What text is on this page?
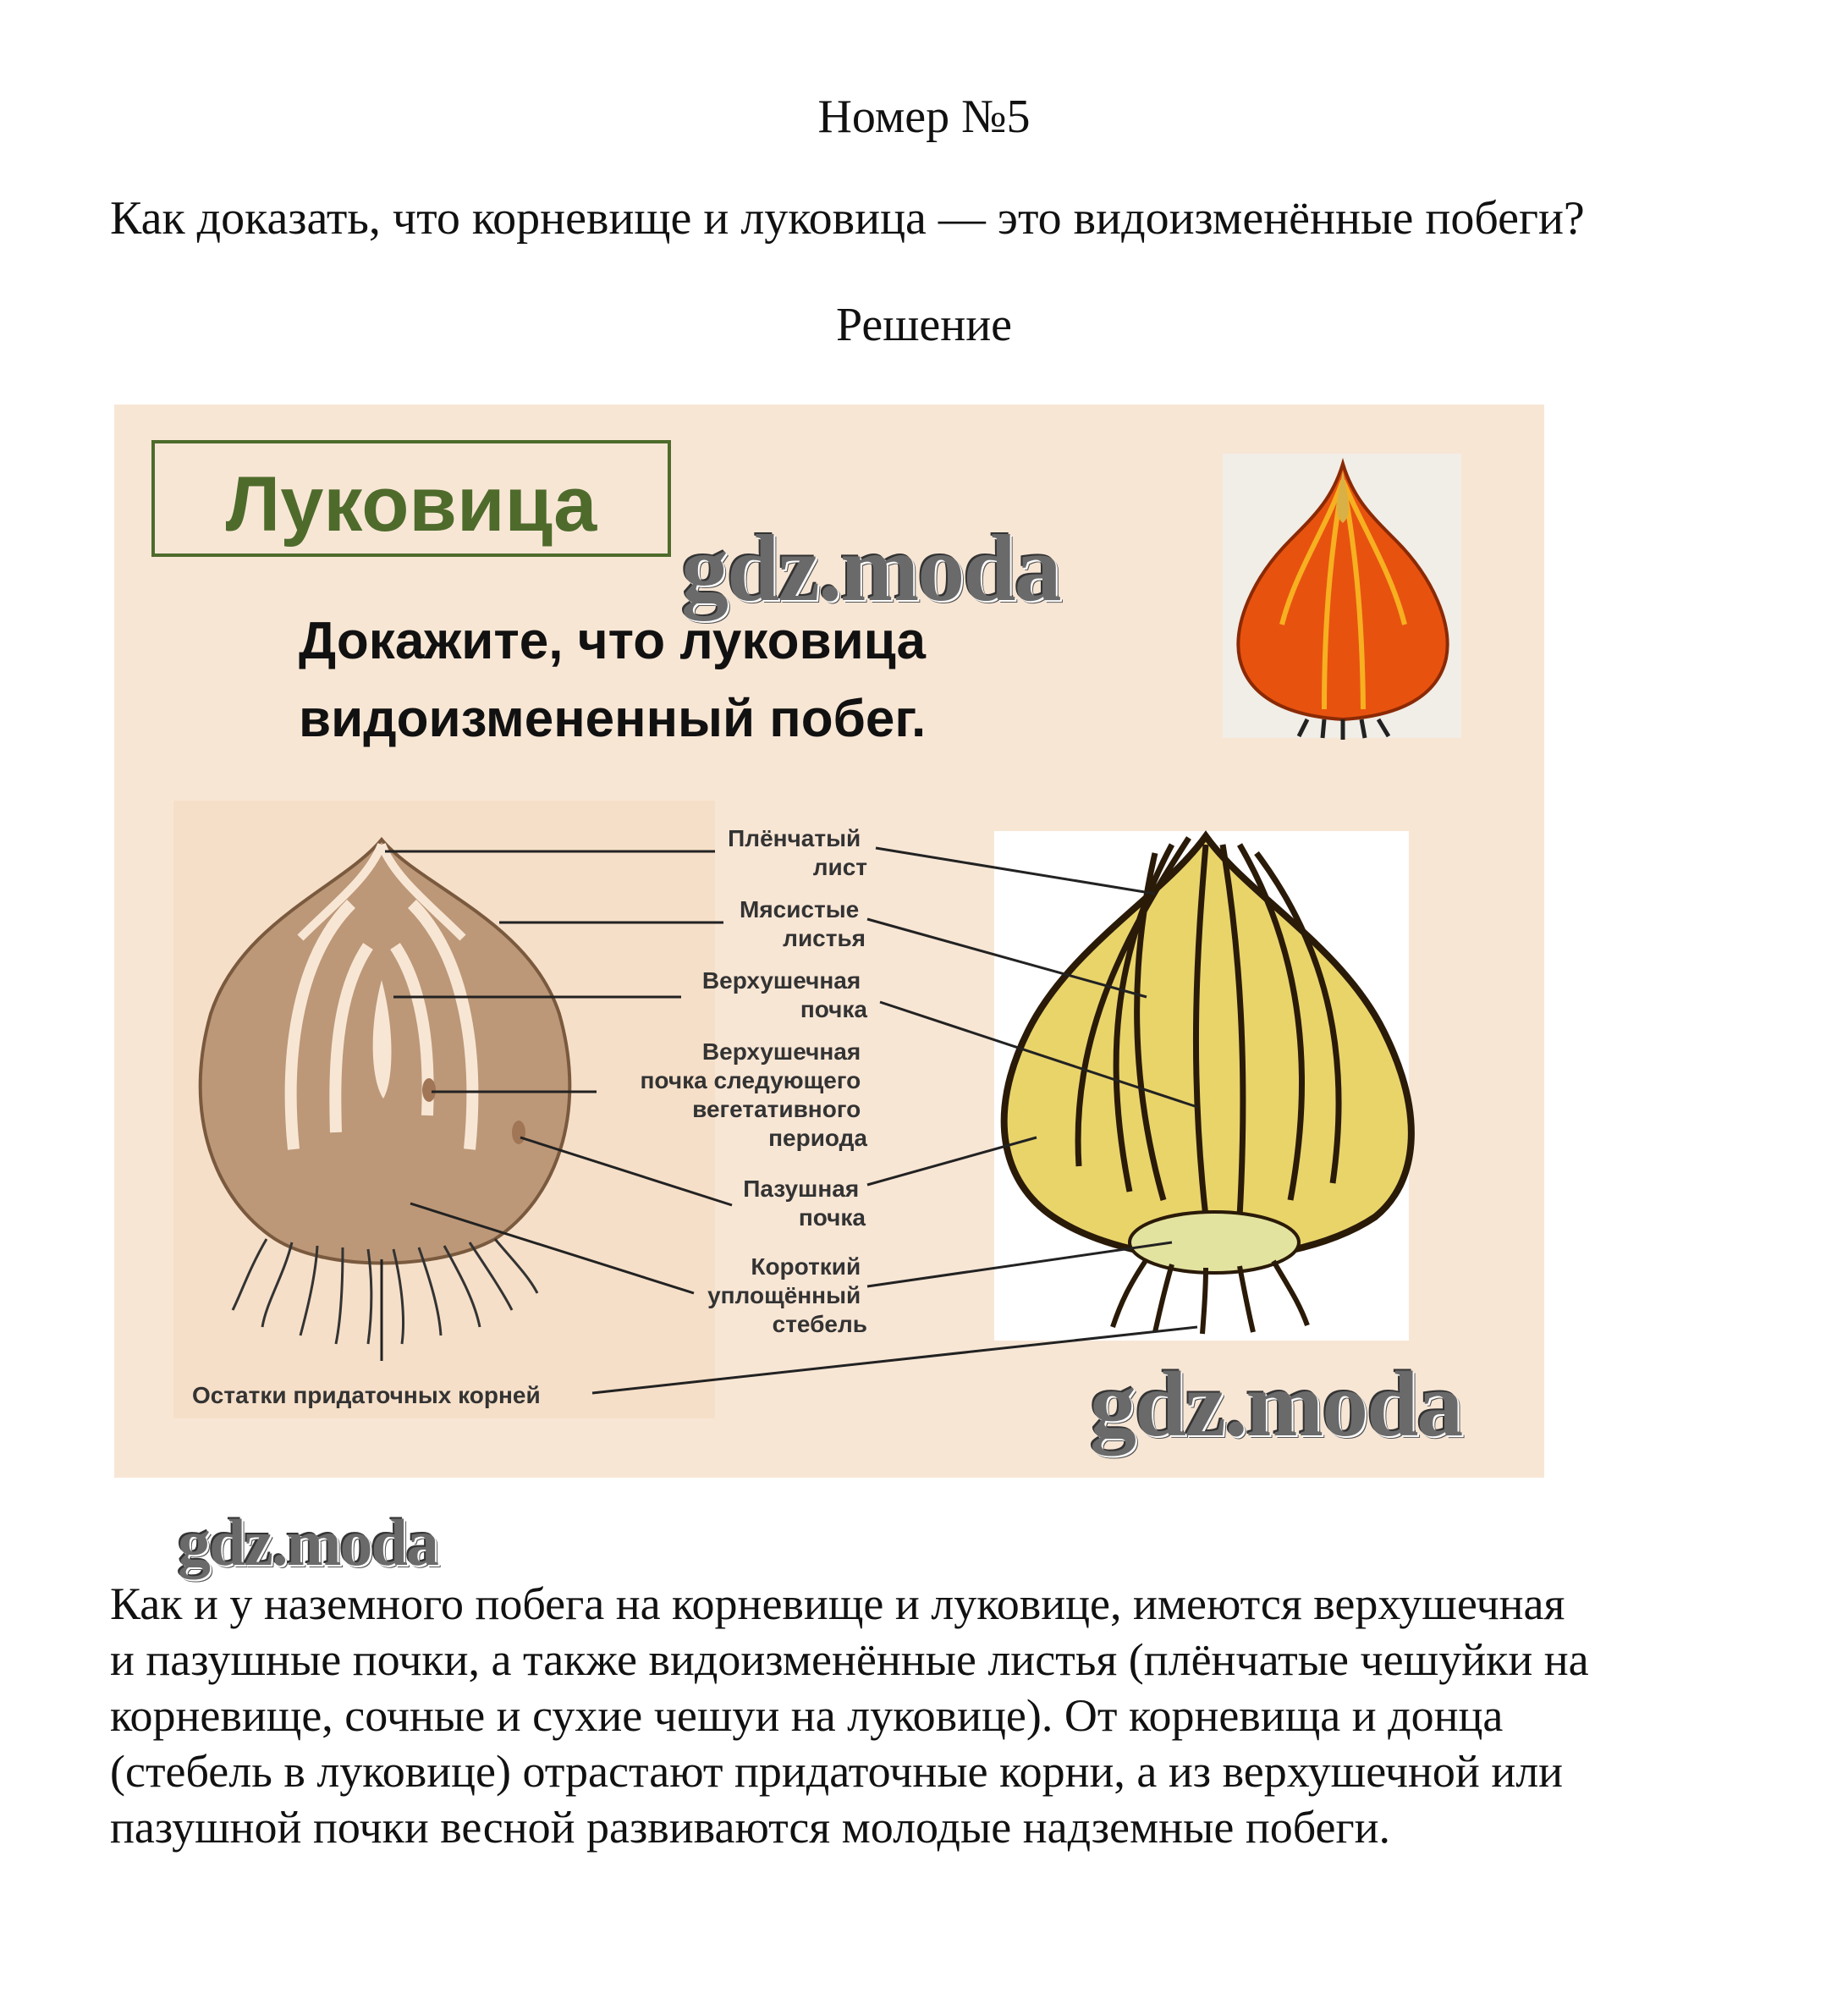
Номер №5
Как доказать, что корневище и луковица — это видоизменённые побеги?
Решение
Луковица
Докажите, что луковица
видоизмененный побег.
Плёнчатый лист
Мясистые листья
Верхушечная почка
Верхушечная почка следующего вегетативного периода
Пазушная почка
Короткий уплощённый стебель
Остатки придаточных корней
gdz.moda
gdz.moda
gdz.moda
Как и у наземного побега на корневище и луковице, имеются верхушечная
и пазушные почки, а также видоизменённые листья (плёнчатые чешуйки на
корневище, сочные и сухие чешуи на луковице). От корневища и донца
(стебель в луковице) отрастают придаточные корни, а из верхушечной или
пазушной почки весной развиваются молодые надземные побеги.
